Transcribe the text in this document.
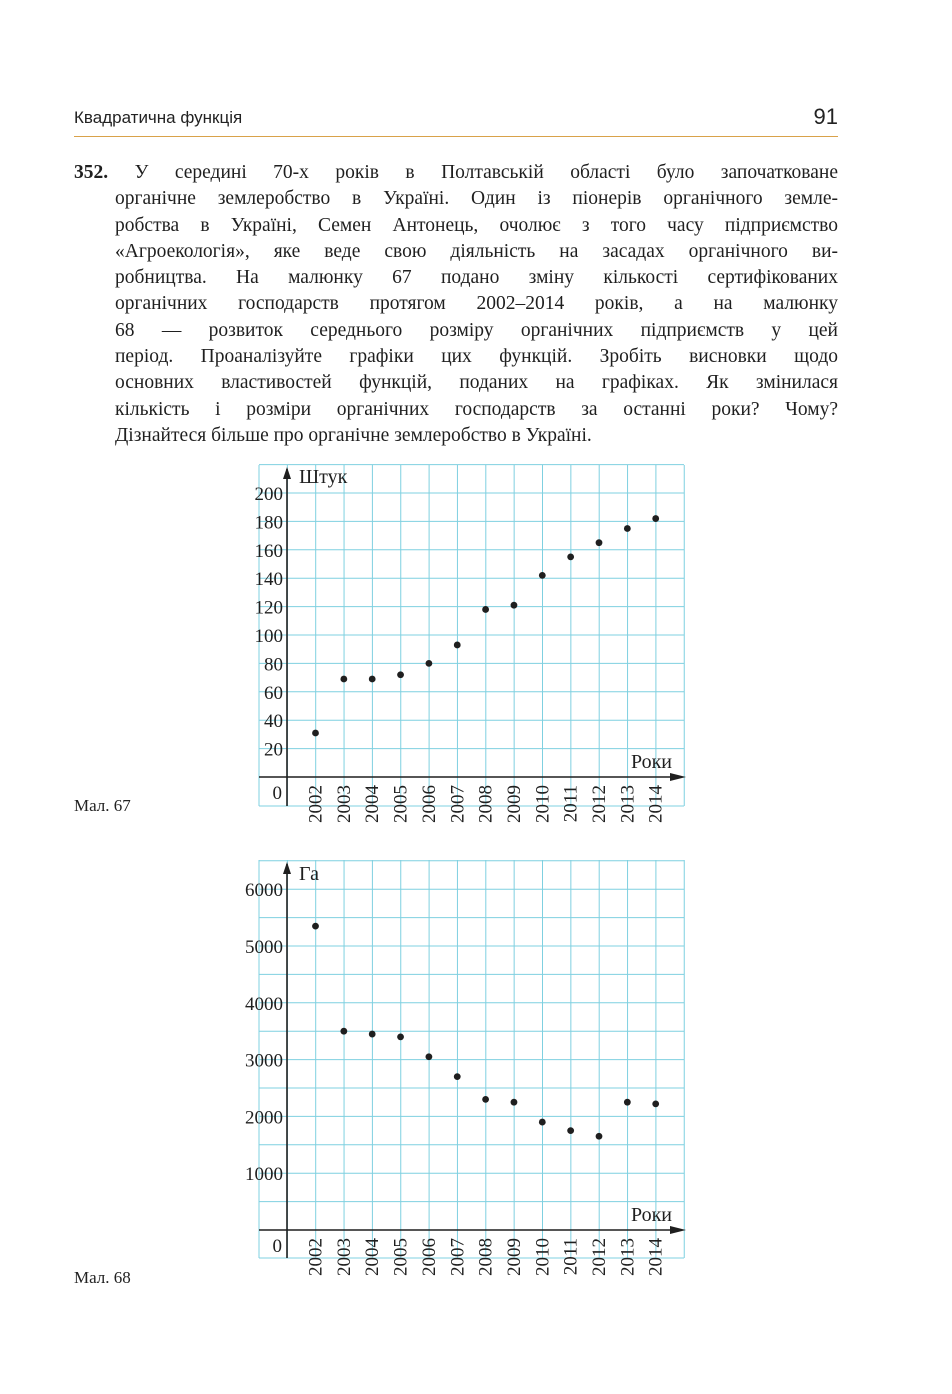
Квадратична функція	91
352. У середині 70-х років в Полтавській області було започатковане
органічне землеробство в Україні. Один із піонерів органічного земле-
робства в Україні, Семен Антонець, очолює з того часу підприємство
«Агроекологія», яке веде свою діяльність на засадах органічного ви-
робництва. На малюнку 67 подано зміну кількості сертифікованих
органічних господарств протягом 2002–2014 років, а на малюнку
68 — розвиток середнього розміру органічних підприємств у цей
період. Проаналізуйте графіки цих функцій. Зробіть висновки щодо
основних властивостей функцій, поданих на графіках. Як змінилася
кількість і розміри органічних господарств за останні роки? Чому?
Дізнайтеся більше про органічне землеробство в Україні.
Штук
Роки
0
20
40
60
80
100
120
140
160
180
200
2002 2003 2004 2005 2006 2007 2008 2009 2010 2011 2012 2013 2014
Мал. 67
Га
Роки
0
1000
2000
3000
4000
5000
6000
2002 2003 2004 2005 2006 2007 2008 2009 2010 2011 2012 2013 2014
Мал. 68
